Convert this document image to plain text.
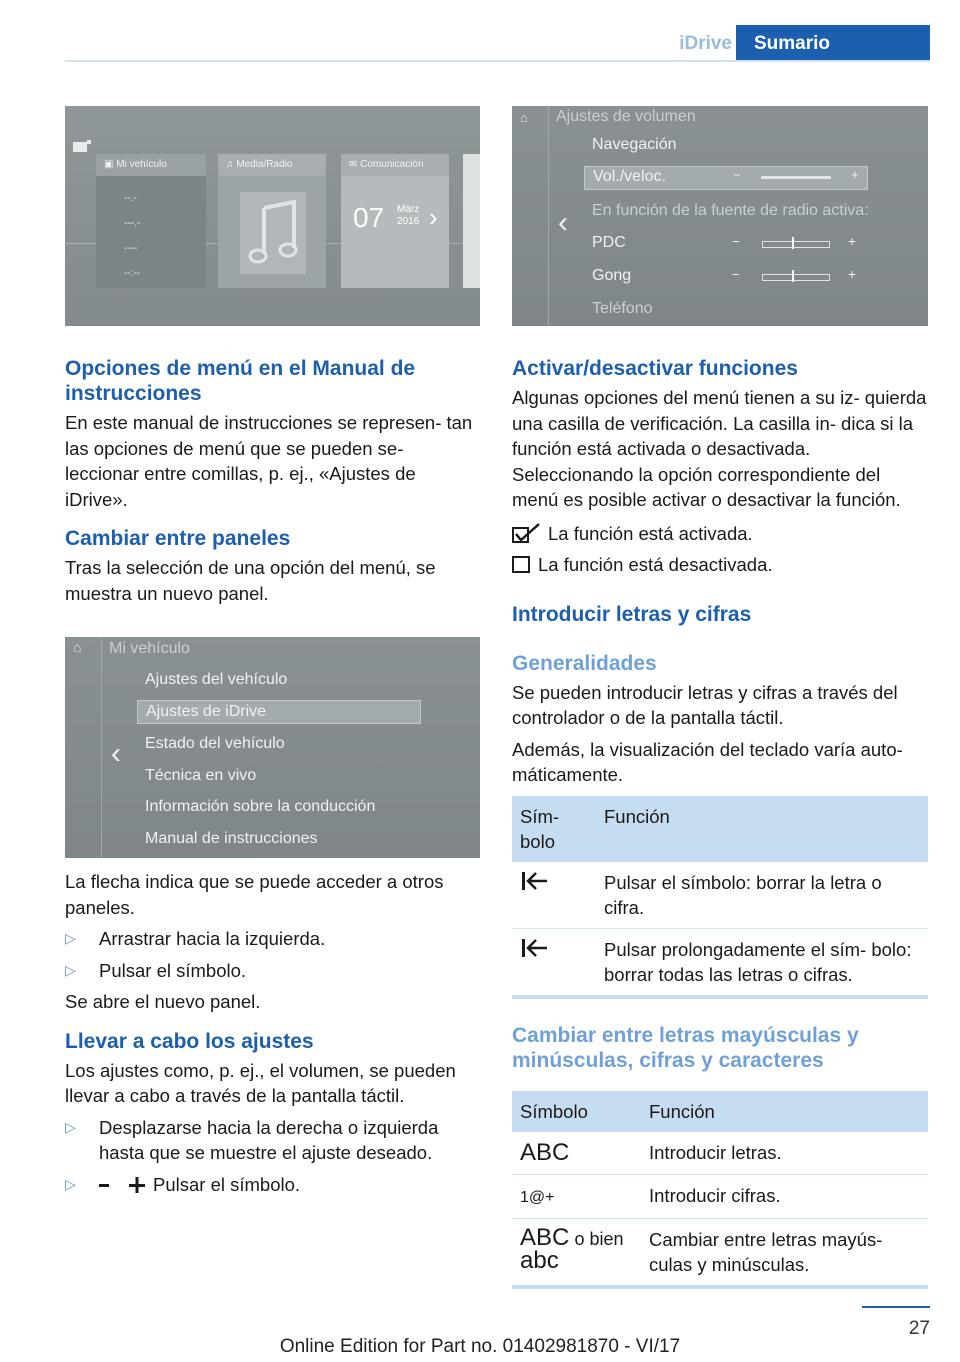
iDrive	Sumario
▣ Mi vehículo
--.-
---.-
----
--:--
♫ Media/Radio	✉ Comunicación
07 März
2016 ›
⌂ Ajustes de volumen
‹
Navegación
Vol./veloc.	−	+
En función de la fuente de radio activa:
PDC	−	+
Gong	−	+
Teléfono
Opciones de menú en el Manual de instrucciones

En este manual de instrucciones se represen‐ tan las opciones de menú que se pueden se‐ leccionar entre comillas, p. ej., «Ajustes de iDrive».

Cambiar entre paneles

Tras la selección de una opción del menú, se muestra un nuevo panel.

⌂ Mi vehículo
‹
Ajustes del vehículo
Ajustes de iDrive
Estado del vehículo
Técnica en vivo
Información sobre la conducción
Manual de instrucciones

La flecha indica que se puede acceder a otros paneles.

▷ Arrastrar hacia la izquierda.
▷ Pulsar el símbolo.

Se abre el nuevo panel.

Llevar a cabo los ajustes

Los ajustes como, p. ej., el volumen, se pueden llevar a cabo a través de la pantalla táctil.

▷ Desplazarse hacia la derecha o izquierda hasta que se muestre el ajuste deseado.
▷	Pulsar el símbolo.
Activar/desactivar funciones

Algunas opciones del menú tienen a su iz‐ quierda una casilla de verificación. La casilla in‐ dica si la función está activada o desactivada. Seleccionando la opción correspondiente del menú es posible activar o desactivar la función.

La función está activada.
La función está desactivada.
Introducir letras y cifras
Generalidades

Se pueden introducir letras y cifras a través del controlador o de la pantalla táctil.

Además, la visualización del teclado varía auto‐ máticamente.

Sím‐ bolo	Función
	Pulsar el símbolo: borrar la letra o cifra.
	Pulsar prolongadamente el sím‐ bolo: borrar todas las letras o cifras.
Cambiar entre letras mayúsculas y minúsculas, cifras y caracteres
Símbolo	Función
ABC	Introducir letras.
1@+	Introducir cifras.
ABC o bien abc	Cambiar entre letras mayús‐ culas y minúsculas.
27
Online Edition for Part no. 01402981870 - VI/17
